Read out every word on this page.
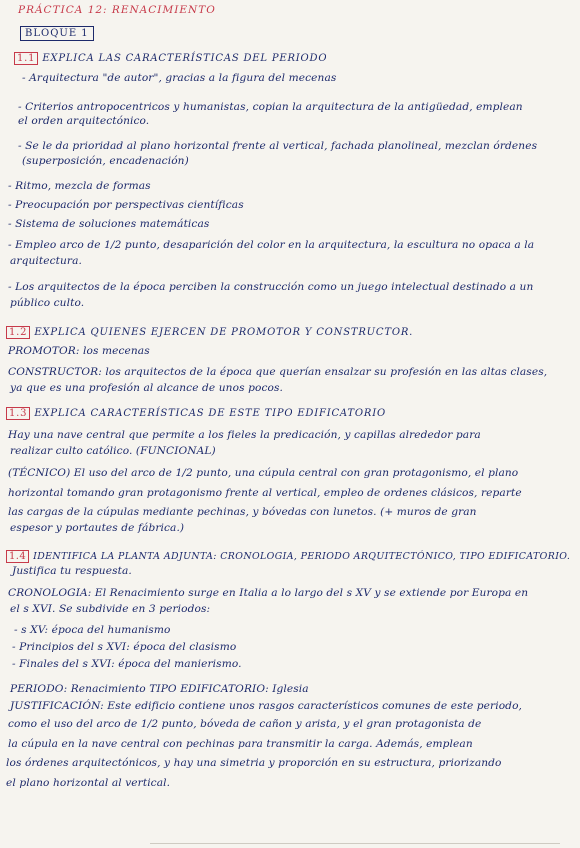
PRÁCTICA 12: RENACIMIENTO
BLOQUE 1
1.1 EXPLICA LAS CARACTERÍSTICAS DEL PERIODO
- Arquitectura "de autor", gracias a la figura del mecenas
- Criterios antropocentricos y humanistas, copian la arquitectura de la antigüedad, emplean
el orden arquitectónico.
- Se le da prioridad al plano horizontal frente al vertical, fachada planolineal, mezclan órdenes
(superposición, encadenación)
- Ritmo, mezcla de formas
- Preocupación por perspectivas científicas
- Sistema de soluciones matemáticas
- Empleo arco de 1/2 punto, desaparición del color en la arquitectura, la escultura no opaca a la
arquitectura.
- Los arquitectos de la época perciben la construcción como un juego intelectual destinado a un
público culto.
1.2 EXPLICA QUIENES EJERCEN DE PROMOTOR Y CONSTRUCTOR.
PROMOTOR: los mecenas
CONSTRUCTOR: los arquitectos de la época que querían ensalzar su profesión en las altas clases,
ya que es una profesión al alcance de unos pocos.
1.3 EXPLICA CARACTERÍSTICAS DE ESTE TIPO EDIFICATORIO
Hay una nave central que permite a los fieles la predicación, y capillas alrededor para
realizar culto católico. (FUNCIONAL)
(TÉCNICO) El uso del arco de 1/2 punto, una cúpula central con gran protagonismo, el plano
horizontal tomando gran protagonismo frente al vertical, empleo de ordenes clásicos, reparte
las cargas de la cúpulas mediante pechinas, y bóvedas con lunetos. (+ muros de gran
espesor y portautes de fábrica.)
1.4 IDENTIFICA LA PLANTA ADJUNTA: CRONOLOGIA, PERIODO ARQUITECTÓNICO, TIPO EDIFICATORIO.
Justifica tu respuesta.
CRONOLOGIA: El Renacimiento surge en Italia a lo largo del s XV y se extiende por Europa en
el s XVI. Se subdivide en 3 periodos:
- s XV: época del humanismo
- Principios del s XVI: época del clasismo
- Finales del s XVI: época del manierismo.
PERIODO: Renacimiento TIPO EDIFICATORIO: Iglesia
JUSTIFICACIÓN: Este edificio contiene unos rasgos característicos comunes de este periodo,
como el uso del arco de 1/2 punto, bóveda de cañon y arista, y el gran protagonista de
la cúpula en la nave central con pechinas para transmitir la carga. Además, emplean
los órdenes arquitectónicos, y hay una simetria y proporción en su estructura, priorizando
el plano horizontal al vertical.
